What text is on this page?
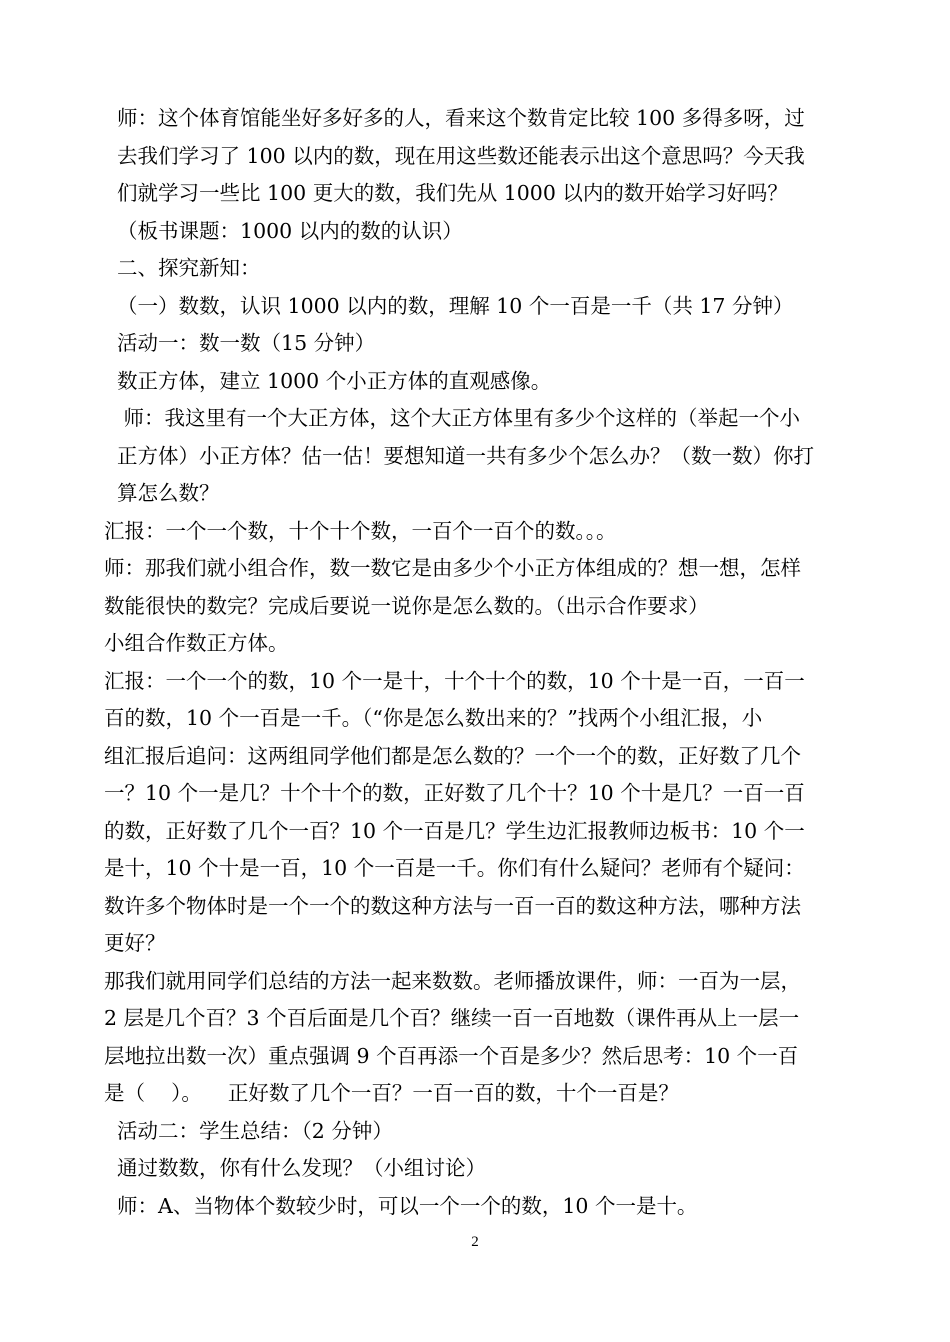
师：这个体育馆能坐好多好多的人，看来这个数肯定比较 100 多得多呀，过
去我们学习了 100 以内的数，现在用这些数还能表示出这个意思吗？今天我
们就学习一些比 100 更大的数，我们先从 1000 以内的数开始学习好吗？
（板书课题：1000 以内的数的认识）
二、探究新知：
（一）数数，认识 1000 以内的数，理解 10 个一百是一千（共 17 分钟）
活动一：数一数（15 分钟）
数正方体，建立 1000 个小正方体的直观感像。
师：我这里有一个大正方体，这个大正方体里有多少个这样的（举起一个小
正方体）小正方体？估一估！要想知道一共有多少个怎么办？（数一数）你打
算怎么数？
汇报：一个一个数，十个十个数，一百个一百个的数。。。
师：那我们就小组合作，数一数它是由多少个小正方体组成的？想一想，怎样
数能很快的数完？完成后要说一说你是怎么数的。（出示合作要求）
小组合作数正方体。
汇报：一个一个的数，10 个一是十，十个十个的数，10 个十是一百，一百一
百的数，10 个一百是一千。（“你是怎么数出来的？”找两个小组汇报，小
组汇报后追问：这两组同学他们都是怎么数的？一个一个的数，正好数了几个
一？10 个一是几？十个十个的数，正好数了几个十？10 个十是几？一百一百
的数，正好数了几个一百？10 个一百是几？学生边汇报教师边板书：10 个一
是十，10 个十是一百，10 个一百是一千。你们有什么疑问？老师有个疑问：
数许多个物体时是一个一个的数这种方法与一百一百的数这种方法，哪种方法
更好？
那我们就用同学们总结的方法一起来数数。老师播放课件，师：一百为一层，
2 层是几个百？3 个百后面是几个百？继续一百一百地数（课件再从上一层一
层地拉出数一次）重点强调 9 个百再添一个百是多少？然后思考：10 个一百
是（    ）。    正好数了几个一百？一百一百的数，十个一百是？
活动二：学生总结：（2 分钟）
通过数数，你有什么发现？（小组讨论）
师：A、当物体个数较少时，可以一个一个的数，10 个一是十。
2
